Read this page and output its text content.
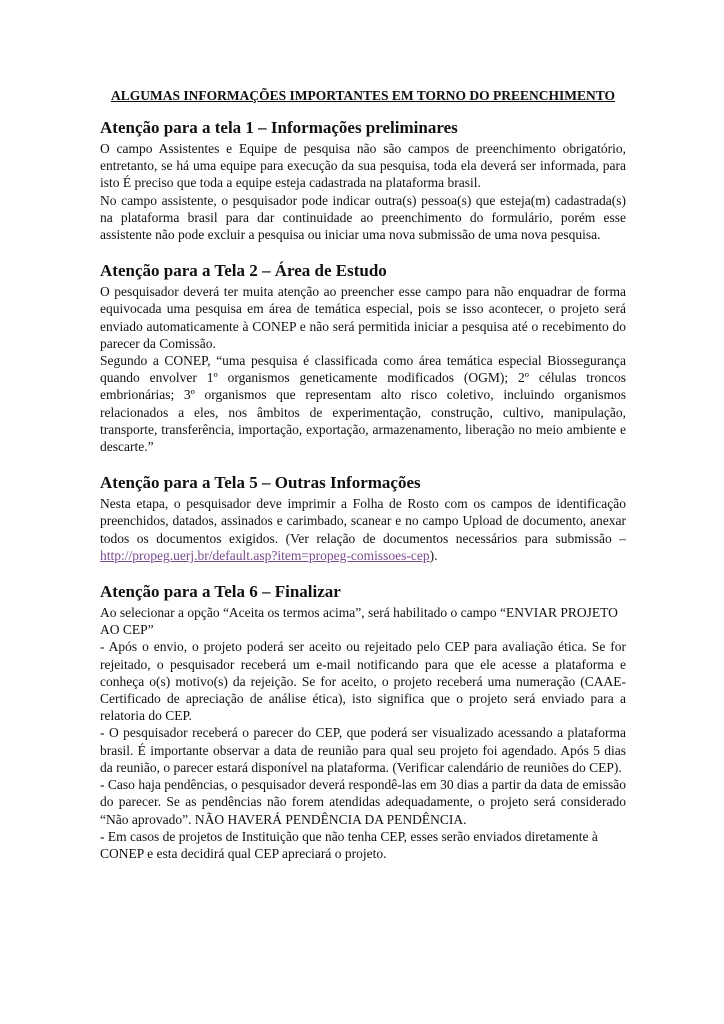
ALGUMAS INFORMAÇÕES IMPORTANTES EM TORNO DO PREENCHIMENTO

Atenção para a tela 1 – Informações preliminares

O campo Assistentes e Equipe de pesquisa não são campos de preenchimento obrigatório, entretanto, se há uma equipe para execução da sua pesquisa, toda ela deverá ser informada, para isto É preciso que toda a equipe esteja cadastrada na plataforma brasil.

No campo assistente, o pesquisador pode indicar outra(s) pessoa(s) que esteja(m) cadastrada(s) na plataforma brasil para dar continuidade ao preenchimento do formulário, porém esse assistente não pode excluir a pesquisa ou iniciar uma nova submissão de uma nova pesquisa.

Atenção para a Tela 2 – Área de Estudo

O pesquisador deverá ter muita atenção ao preencher esse campo para não enquadrar de forma equivocada uma pesquisa em área de temática especial, pois se isso acontecer, o projeto será enviado automaticamente à CONEP e não será permitida iniciar a pesquisa até o recebimento do parecer da Comissão.

Segundo a CONEP, “uma pesquisa é classificada como área temática especial Biossegurança quando envolver 1º organismos geneticamente modificados (OGM); 2º células troncos embrionárias; 3º organismos que representam alto risco coletivo, incluindo organismos relacionados a eles, nos âmbitos de experimentação, construção, cultivo, manipulação, transporte, transferência, importação, exportação, armazenamento, liberação no meio ambiente e descarte.”

Atenção para a Tela 5 – Outras Informações

Nesta etapa, o pesquisador deve imprimir a Folha de Rosto com os campos de identificação preenchidos, datados, assinados e carimbado, scanear e no campo Upload de documento, anexar todos os documentos exigidos. (Ver relação de documentos necessários para submissão – http://propeg.uerj.br/default.asp?item=propeg-comissoes-cep).

Atenção para a Tela 6 – Finalizar

Ao selecionar a opção “Aceita os termos acima”, será habilitado o campo “ENVIAR PROJETO AO CEP”

- Após o envio, o projeto poderá ser aceito ou rejeitado pelo CEP para avaliação ética. Se for rejeitado, o pesquisador receberá um e-mail notificando para que ele acesse a plataforma e conheça o(s) motivo(s) da rejeição. Se for aceito, o projeto receberá uma numeração (CAAE-Certificado de apreciação de análise ética), isto significa que o projeto será enviado para a relatoria do CEP.

- O pesquisador receberá o parecer do CEP, que poderá ser visualizado acessando a plataforma brasil. É importante observar a data de reunião para qual seu projeto foi agendado. Após 5 dias da reunião, o parecer estará disponível na plataforma. (Verificar calendário de reuniões do CEP).

- Caso haja pendências, o pesquisador deverá respondê-las em 30 dias a partir da data de emissão do parecer. Se as pendências não forem atendidas adequadamente, o projeto será considerado “Não aprovado”. NÃO HAVERÁ PENDÊNCIA DA PENDÊNCIA.

- Em casos de projetos de Instituição que não tenha CEP, esses serão enviados diretamente à CONEP e esta decidirá qual CEP apreciará o projeto.
